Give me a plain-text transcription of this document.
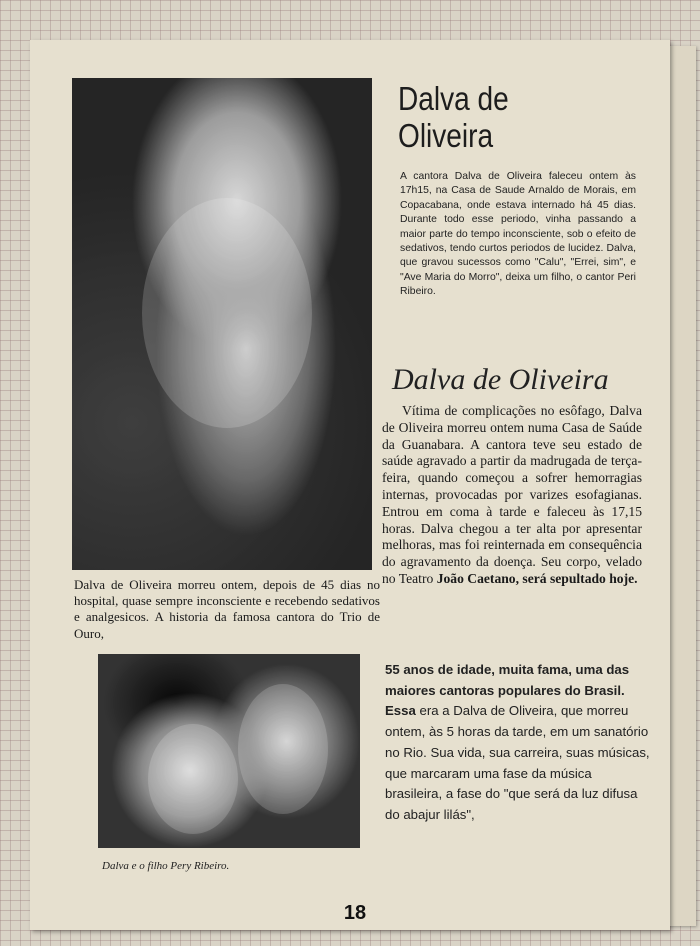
Dalva de
Oliveira
A cantora Dalva de Oliveira faleceu ontem às 17h15, na Casa de Saude Arnaldo de Morais, em Copacabana, onde estava internado há 45 dias. Durante todo esse periodo, vinha passando a maior parte do tempo inconsciente, sob o efeito de sedativos, tendo curtos periodos de lucidez. Dalva, que gravou sucessos como "Calu", "Errei, sim", e "Ave Maria do Morro", deixa um filho, o cantor Peri Ribeiro.
Dalva de Oliveira
Vítima de complicações no esôfago, Dalva de Oliveira morreu ontem numa Casa de Saúde da Guanabara. A cantora teve seu estado de saúde agravado a partir da madrugada de terça-feira, quando começou a sofrer hemorragias internas, provocadas por varizes esofagianas. Entrou em coma à tarde e faleceu às 17,15 horas. Dalva chegou a ter alta por apresentar melhoras, mas foi reinternada em consequência do agravamento da doença. Seu corpo, velado no Teatro João Caetano, será sepultado hoje.
Dalva de Oliveira morreu ontem, depois de 45 dias no hospital, quase sempre inconsciente e recebendo sedativos e analgesicos. A historia da famosa cantora do Trio de Ouro,
Dalva e o filho Pery Ribeiro.
55 anos de idade, muita fama, uma das maiores cantoras populares do Brasil. Essa era a Dalva de Oliveira, que morreu ontem, às 5 horas da tarde, em um sanatório no Rio. Sua vida, sua carreira, suas músicas, que marcaram uma fase da música brasileira, a fase do "que será da luz difusa do abajur lilás",
18
